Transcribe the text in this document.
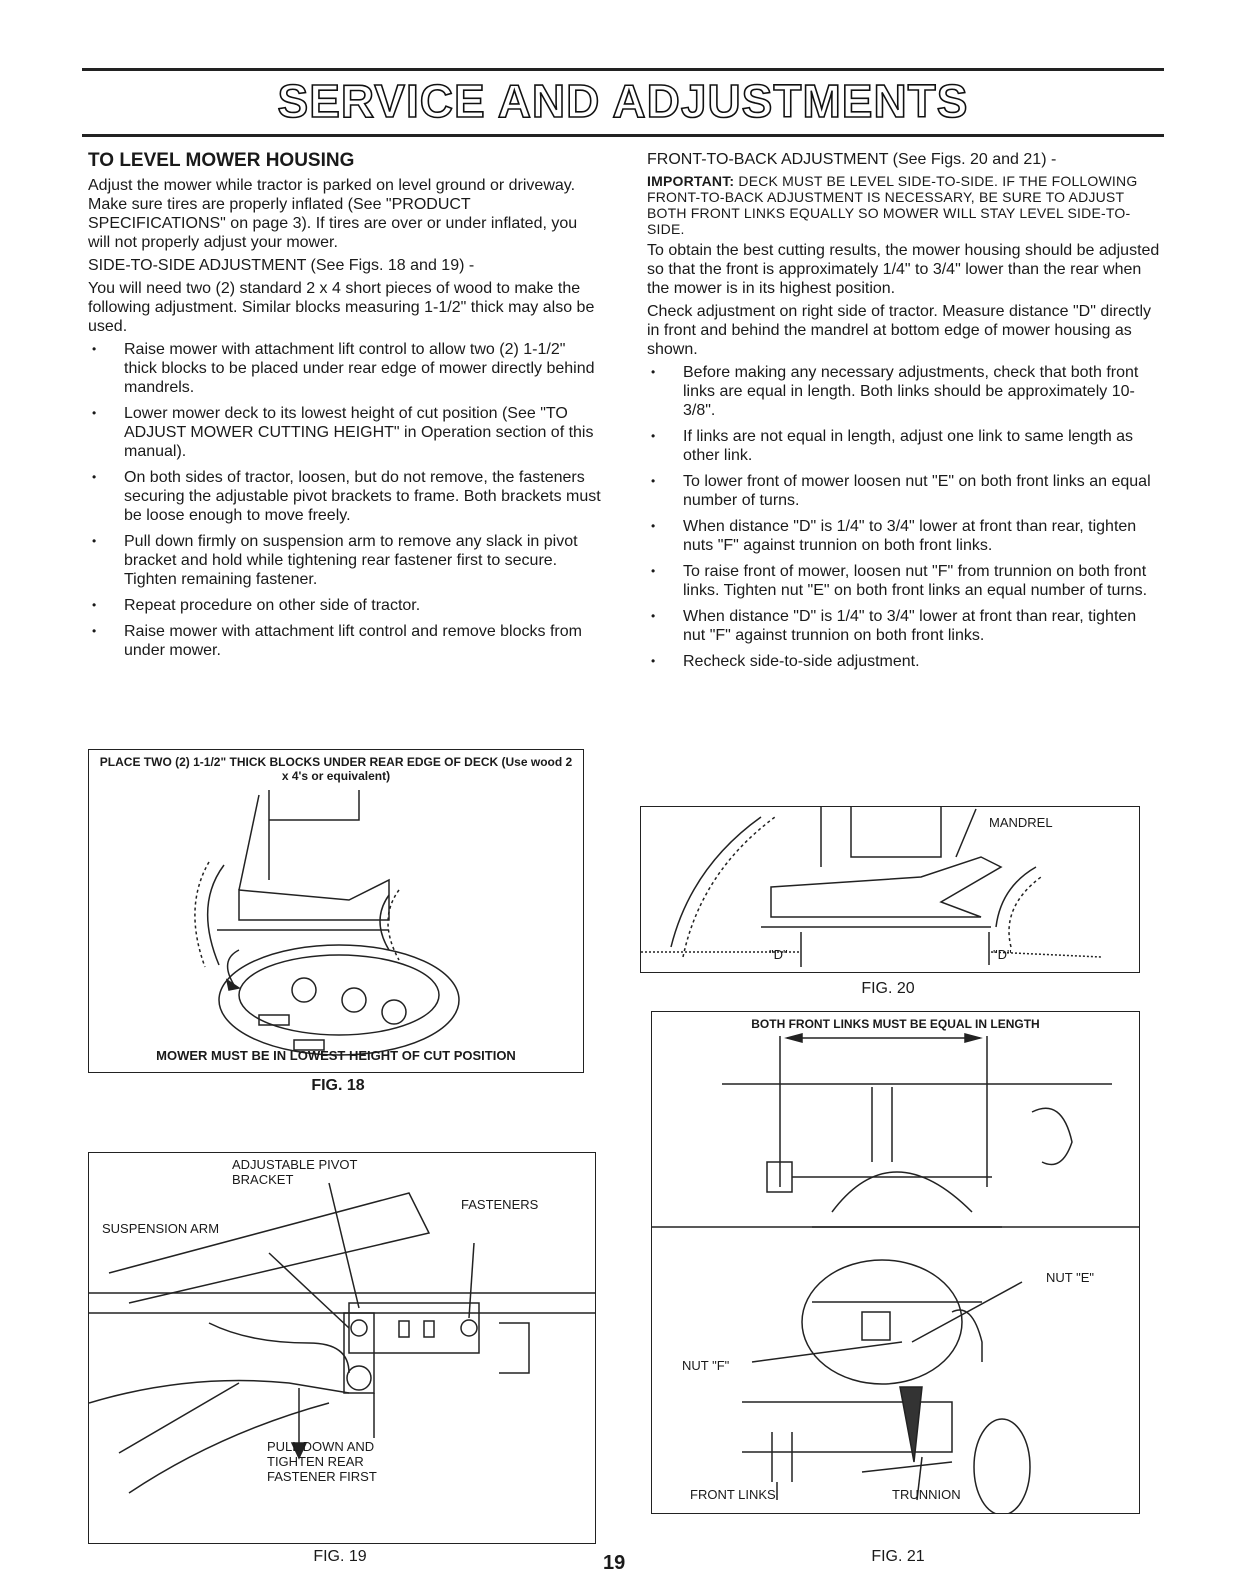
SERVICE AND ADJUSTMENTS
TO LEVEL MOWER HOUSING

Adjust the mower while tractor is parked on level ground or driveway. Make sure tires are properly inflated (See "PRODUCT SPECIFICATIONS" on page 3). If tires are over or under inflated, you will not properly adjust your mower.

SIDE-TO-SIDE ADJUSTMENT (See Figs. 18 and 19) -

You will need two (2) standard 2 x 4 short pieces of wood to make the following adjustment. Similar blocks measuring 1-1/2" thick may also be used.

• Raise mower with attachment lift control to allow two (2) 1-1/2" thick blocks to be placed under rear edge of mower directly behind mandrels.
• Lower mower deck to its lowest height of cut position (See "TO ADJUST MOWER CUTTING HEIGHT" in Operation section of this manual).
• On both sides of tractor, loosen, but do not remove, the fasteners securing the adjustable pivot brackets to frame. Both brackets must be loose enough to move freely.
• Pull down firmly on suspension arm to remove any slack in pivot bracket and hold while tightening rear fastener first to secure. Tighten remaining fastener.
• Repeat procedure on other side of tractor.
• Raise mower with attachment lift control and remove blocks from under mower.

FRONT-TO-BACK ADJUSTMENT (See Figs. 20 and 21) -

IMPORTANT: DECK MUST BE LEVEL SIDE-TO-SIDE. IF THE FOLLOWING FRONT-TO-BACK ADJUSTMENT IS NECESSARY, BE SURE TO ADJUST BOTH FRONT LINKS EQUALLY SO MOWER WILL STAY LEVEL SIDE-TO-SIDE.

To obtain the best cutting results, the mower housing should be adjusted so that the front is approximately 1/4" to 3/4" lower than the rear when the mower is in its highest position.

Check adjustment on right side of tractor. Measure distance "D" directly in front and behind the mandrel at bottom edge of mower housing as shown.

• Before making any necessary adjustments, check that both front links are equal in length. Both links should be approximately 10-3/8".
• If links are not equal in length, adjust one link to same length as other link.
• To lower front of mower loosen nut "E" on both front links an equal number of turns.
• When distance "D" is 1/4" to 3/4" lower at front than rear, tighten nuts "F" against trunnion on both front links.
• To raise front of mower, loosen nut "F" from trunnion on both front links. Tighten nut "E" on both front links an equal number of turns.
• When distance "D" is 1/4" to 3/4" lower at front than rear, tighten nut "F" against trunnion on both front links.
• Recheck side-to-side adjustment.
PLACE TWO (2) 1-1/2" THICK BLOCKS UNDER REAR EDGE OF DECK (Use wood 2 x 4's or equivalent)
MOWER MUST BE IN LOWEST HEIGHT OF CUT POSITION
FIG. 18
ADJUSTABLE PIVOT BRACKET
FASTENERS
SUSPENSION ARM
PULL DOWN AND TIGHTEN REAR FASTENER FIRST
FIG. 19
MANDREL
"D"	"D"
FIG. 20
BOTH FRONT LINKS MUST BE EQUAL IN LENGTH
NUT "E"
NUT "F"
FRONT LINKS	TRUNNION
FIG. 21
19
